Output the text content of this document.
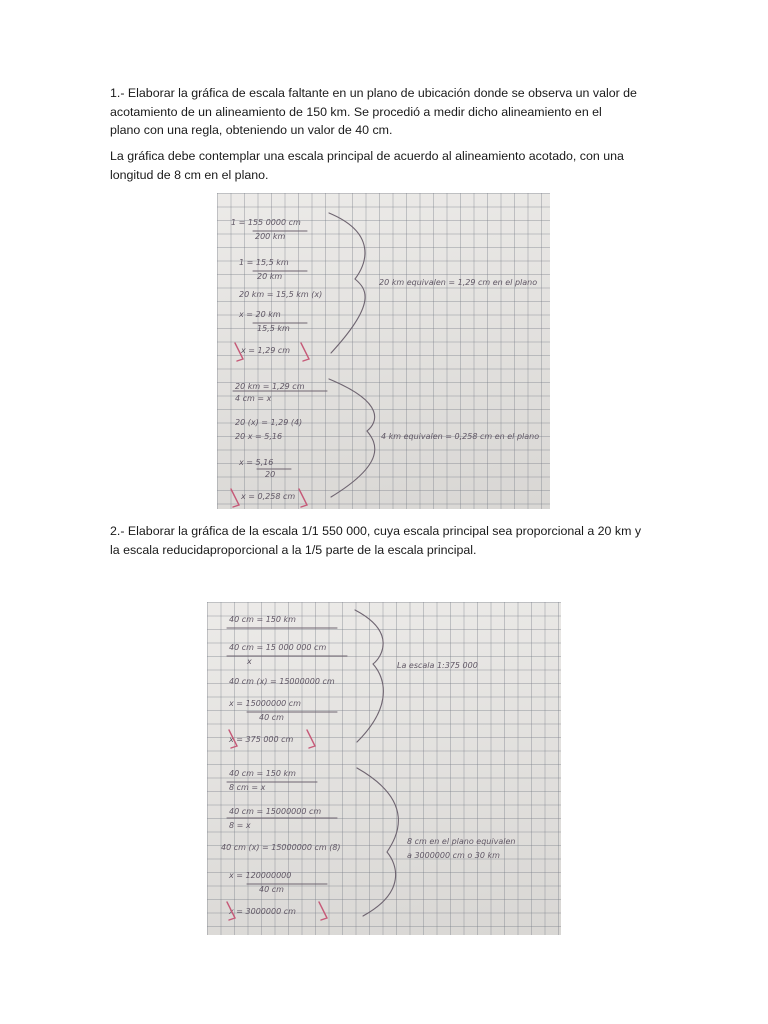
1.- Elaborar la gráfica de escala faltante en un plano de ubicación donde se observa un valor de
acotamiento de un alineamiento de 150 km. Se procedió a medir dicho alineamiento en el
plano con una regla, obteniendo un valor de 40 cm.

La gráfica debe contemplar una escala principal de acuerdo al alineamiento acotado, con una
longitud de 8 cm en el plano.

1 = 155 0000 cm
200 km
1 = 15,5 km
20 km
20 km = 15,5 km (x)
x = 20 km
15,5 km
x = 1,29 cm
20 km = 1,29 cm
4 cm = x
20 (x) = 1,29 (4)
20 x = 5,16
x = 5,16
20
x = 0,258 cm
20 km equivalen = 1,29 cm en el plano
4 km equivalen = 0,258 cm en el plano

2.- Elaborar la gráfica de la escala 1/1 550 000, cuya escala principal sea proporcional a 20 km y
la escala reducidaproporcional a la 1/5 parte de la escala principal.

40 cm = 150 km
40 cm = 15 000 000 cm
x
40 cm (x) = 15000000 cm
x = 15000000 cm
40 cm
x = 375 000 cm
40 cm = 150 km
8 cm = x
40 cm = 15000000 cm
8 = x
40 cm (x) = 15000000 cm (8)
x = 120000000
40 cm
x = 3000000 cm
La escala 1:375 000
8 cm en el plano equivalen
a 3000000 cm o 30 km
